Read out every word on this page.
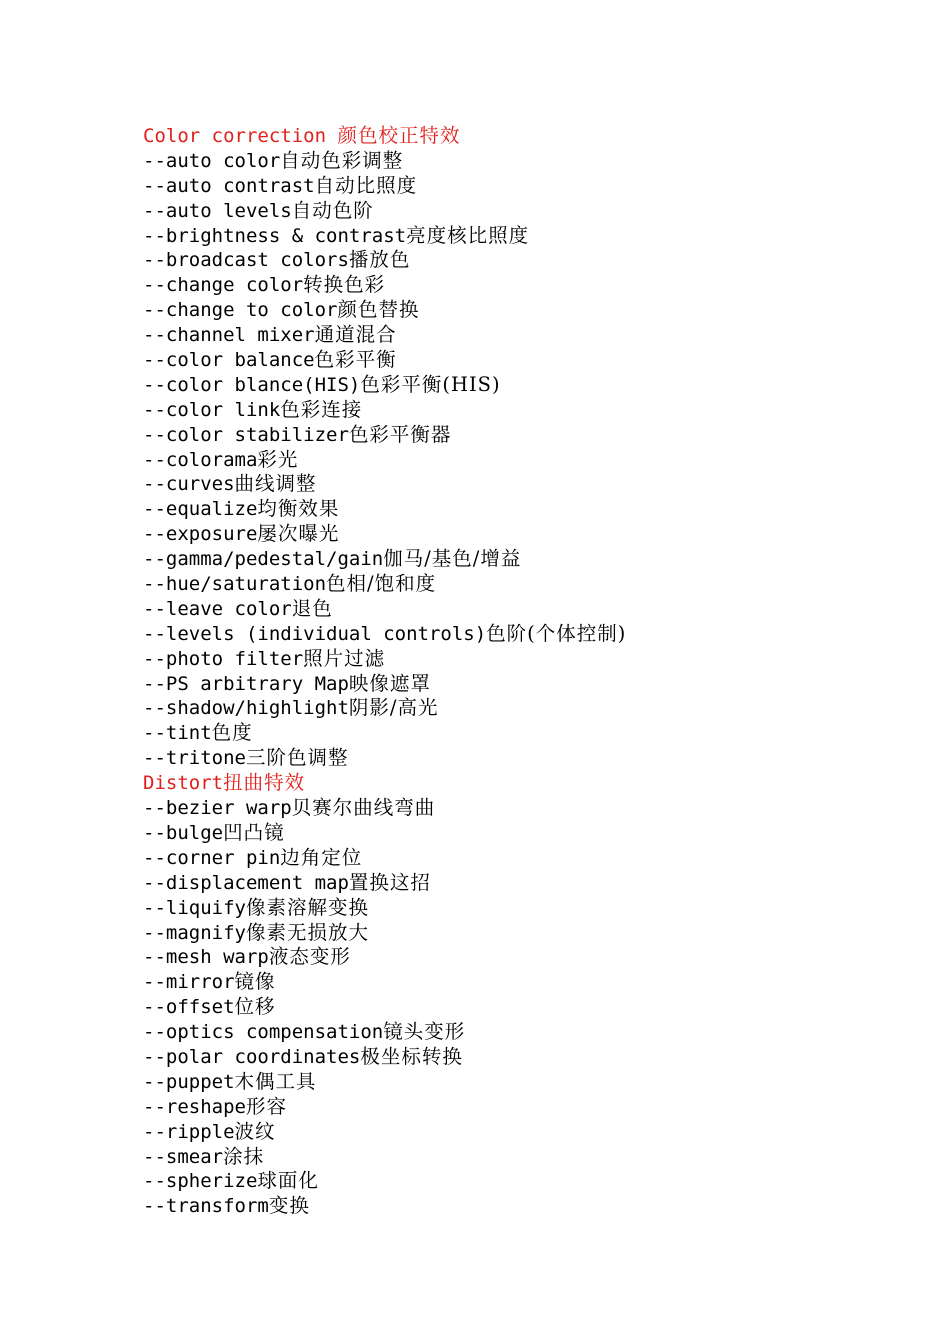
Color correction 颜色校正特效
--auto color自动色彩调整
--auto contrast自动比照度
--auto levels自动色阶
--brightness & contrast亮度核比照度
--broadcast colors播放色
--change color转换色彩
--change to color颜色替换
--channel mixer通道混合
--color balance色彩平衡
--color blance(HIS)色彩平衡(HIS)
--color link色彩连接
--color stabilizer色彩平衡器
--colorama彩光
--curves曲线调整
--equalize均衡效果
--exposure屡次曝光
--gamma/pedestal/gain伽马/基色/增益
--hue/saturation色相/饱和度
--leave color退色
--levels (individual controls)色阶(个体控制)
--photo filter照片过滤
--PS arbitrary Map映像遮罩
--shadow/highlight阴影/高光
--tint色度
--tritone三阶色调整
Distort扭曲特效
--bezier warp贝赛尔曲线弯曲
--bulge凹凸镜
--corner pin边角定位
--displacement map置换这招
--liquify像素溶解变换
--magnify像素无损放大
--mesh warp液态变形
--mirror镜像
--offset位移
--optics compensation镜头变形
--polar coordinates极坐标转换
--puppet木偶工具
--reshape形容
--ripple波纹
--smear涂抹
--spherize球面化
--transform变换
